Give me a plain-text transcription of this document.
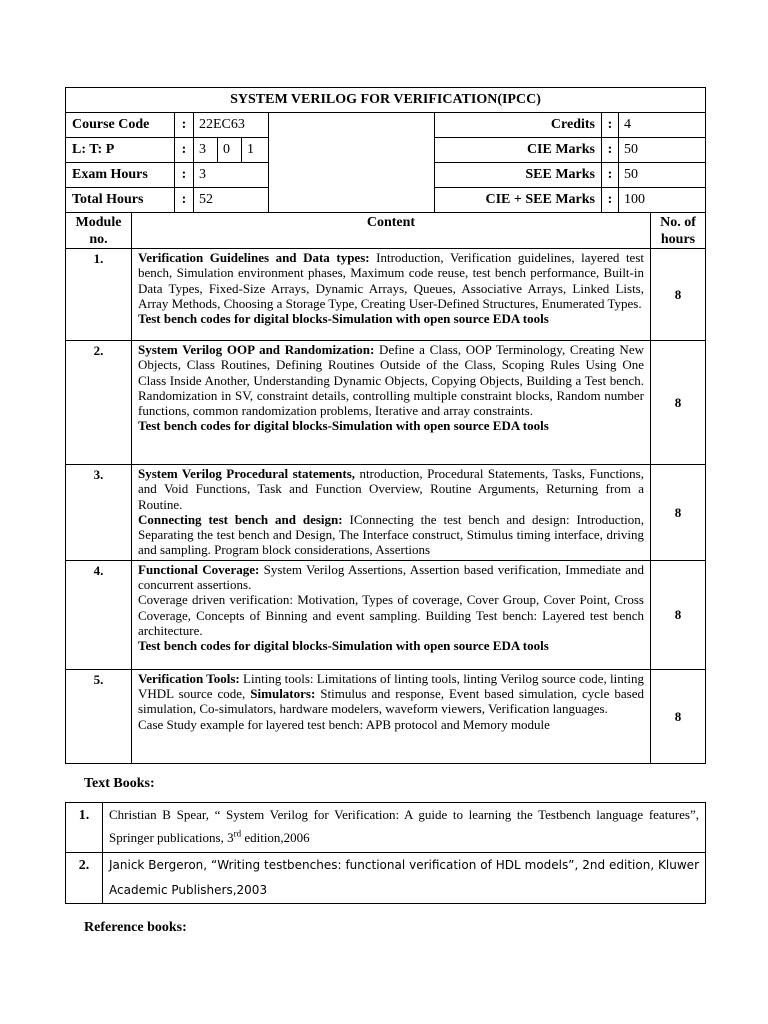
SYSTEM VERILOG FOR VERIFICATION(IPCC)								
Course Code	:	22EC63				Credits	:	4
L: T: P	:	3	0	1		CIE Marks	:	50
Exam Hours	:	3				SEE Marks	:	50
Total Hours	:	52				CIE + SEE Marks	:	100
Module
no.	Content	No. of
hours

1.	Verification Guidelines and Data types: Introduction, Verification guidelines, layered test bench, Simulation environment phases, Maximum code reuse, test bench performance, Built-in Data Types, Fixed-Size Arrays, Dynamic Arrays, Queues, Associative Arrays, Linked Lists, Array Methods, Choosing a Storage Type, Creating User-Defined Structures, Enumerated Types.
Test bench codes for digital blocks-Simulation with open source EDA tools	8
2.	System Verilog OOP and Randomization: Define a Class, OOP Terminology, Creating New Objects, Class Routines, Defining Routines Outside of the Class, Scoping Rules Using One Class Inside Another, Understanding Dynamic Objects, Copying Objects, Building a Test bench. Randomization in SV, constraint details, controlling multiple constraint blocks, Random number functions, common randomization problems, Iterative and array constraints.
Test bench codes for digital blocks-Simulation with open source EDA tools	8
3.	System Verilog Procedural statements, ntroduction, Procedural Statements, Tasks, Functions, and Void Functions, Task and Function Overview, Routine Arguments, Returning from a Routine.
Connecting test bench and design: IConnecting the test bench and design: Introduction, Separating the test bench and Design, The Interface construct, Stimulus timing interface, driving and sampling. Program block considerations, Assertions	8
4.	Functional Coverage: System Verilog Assertions, Assertion based verification, Immediate and concurrent assertions.
Coverage driven verification: Motivation, Types of coverage, Cover Group, Cover Point, Cross Coverage, Concepts of Binning and event sampling. Building Test bench: Layered test bench architecture.
Test bench codes for digital blocks-Simulation with open source EDA tools	8
5.	Verification Tools: Linting tools: Limitations of linting tools, linting Verilog source code, linting VHDL source code, Simulators: Stimulus and response, Event based simulation, cycle based simulation, Co-simulators, hardware modelers, waveform viewers, Verification languages.
Case Study example for layered test bench: APB protocol and Memory module	8
Text Books:
1.	Christian B Spear, “ System Verilog for Verification: A guide to learning the Testbench language features”, Springer publications, 3rd edition,2006
2.	Janick Bergeron, “Writing testbenches: functional verification of HDL models”, 2nd edition, Kluwer Academic Publishers,2003
Reference books:
